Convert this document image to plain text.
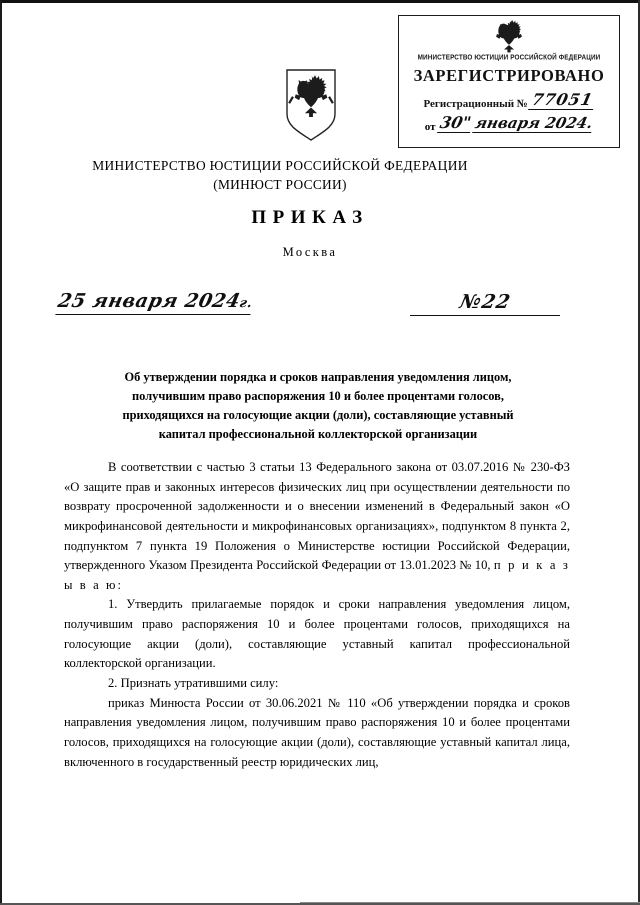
МИНИСТЕРСТВО ЮСТИЦИИ РОССИЙСКОЙ ФЕДЕРАЦИИ
ЗАРЕГИСТРИРОВАНО
Регистрационный № 77051
от 30" января 2024.
МИНИСТЕРСТВО ЮСТИЦИИ РОССИЙСКОЙ ФЕДЕРАЦИИ
(МИНЮСТ РОССИИ)
ПРИКАЗ
Москва
25 января 2024г.	№22
Об утверждении порядка и сроков направления уведомления лицом,
получившим право распоряжения 10 и более процентами голосов,
приходящихся на голосующие акции (доли), составляющие уставный
капитал профессиональной коллекторской организации

В соответствии с частью 3 статьи 13 Федерального закона от 03.07.2016 № 230-ФЗ «О защите прав и законных интересов физических лиц при осуществлении деятельности по возврату просроченной задолженности и о внесении изменений в Федеральный закон «О микрофинансовой деятельности и микрофинансовых организациях», подпунктом 8 пункта 2, подпунктом 7 пункта 19 Положения о Министерстве юстиции Российской Федерации, утвержденного Указом Президента Российской Федерации от 13.01.2023 № 10, п р и к а з ы в а ю:

1. Утвердить прилагаемые порядок и сроки направления уведомления лицом, получившим право распоряжения 10 и более процентами голосов, приходящихся на голосующие акции (доли), составляющие уставный капитал профессиональной коллекторской организации.

2. Признать утратившими силу:

приказ Минюста России от 30.06.2021 № 110 «Об утверждении порядка и сроков направления уведомления лицом, получившим право распоряжения 10 и более процентами голосов, приходящихся на голосующие акции (доли), составляющие уставный капитал лица, включенного в государственный реестр юридических лиц,
